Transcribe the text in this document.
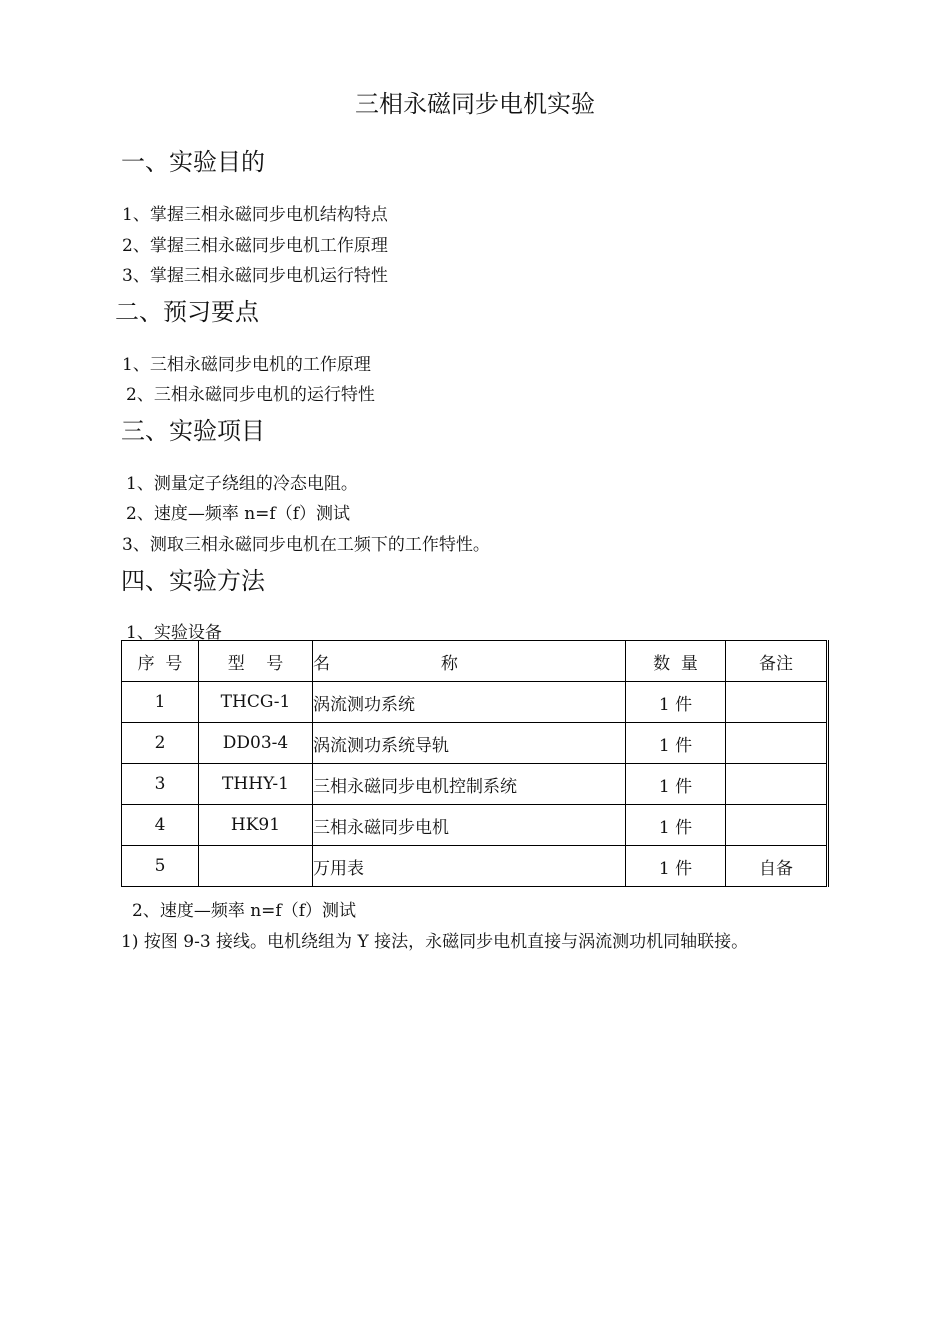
三相永磁同步电机实验
一、实验目的
1、掌握三相永磁同步电机结构特点
2、掌握三相永磁同步电机工作原理
3、掌握三相永磁同步电机运行特性
二、预习要点
1、三相永磁同步电机的工作原理
2、三相永磁同步电机的运行特性
三、实验项目
1、测量定子绕组的冷态电阻。
2、速度—频率 n=f（f）测试
3、测取三相永磁同步电机在工频下的工作特性。
四、实验方法
1、实验设备
序  号	型    号	名 称	数  量	备注
1	THCG-1	涡流测功系统	1 件	
2	DD03-4	涡流测功系统导轨	1 件	
3	THHY-1	三相永磁同步电机控制系统	1 件	
4	HK91	三相永磁同步电机	1 件	
5		万用表	1 件	自备
2、速度—频率 n=f（f）测试
1) 按图 9-3 接线。电机绕组为 Y 接法，永磁同步电机直接与涡流测功机同轴联接。
